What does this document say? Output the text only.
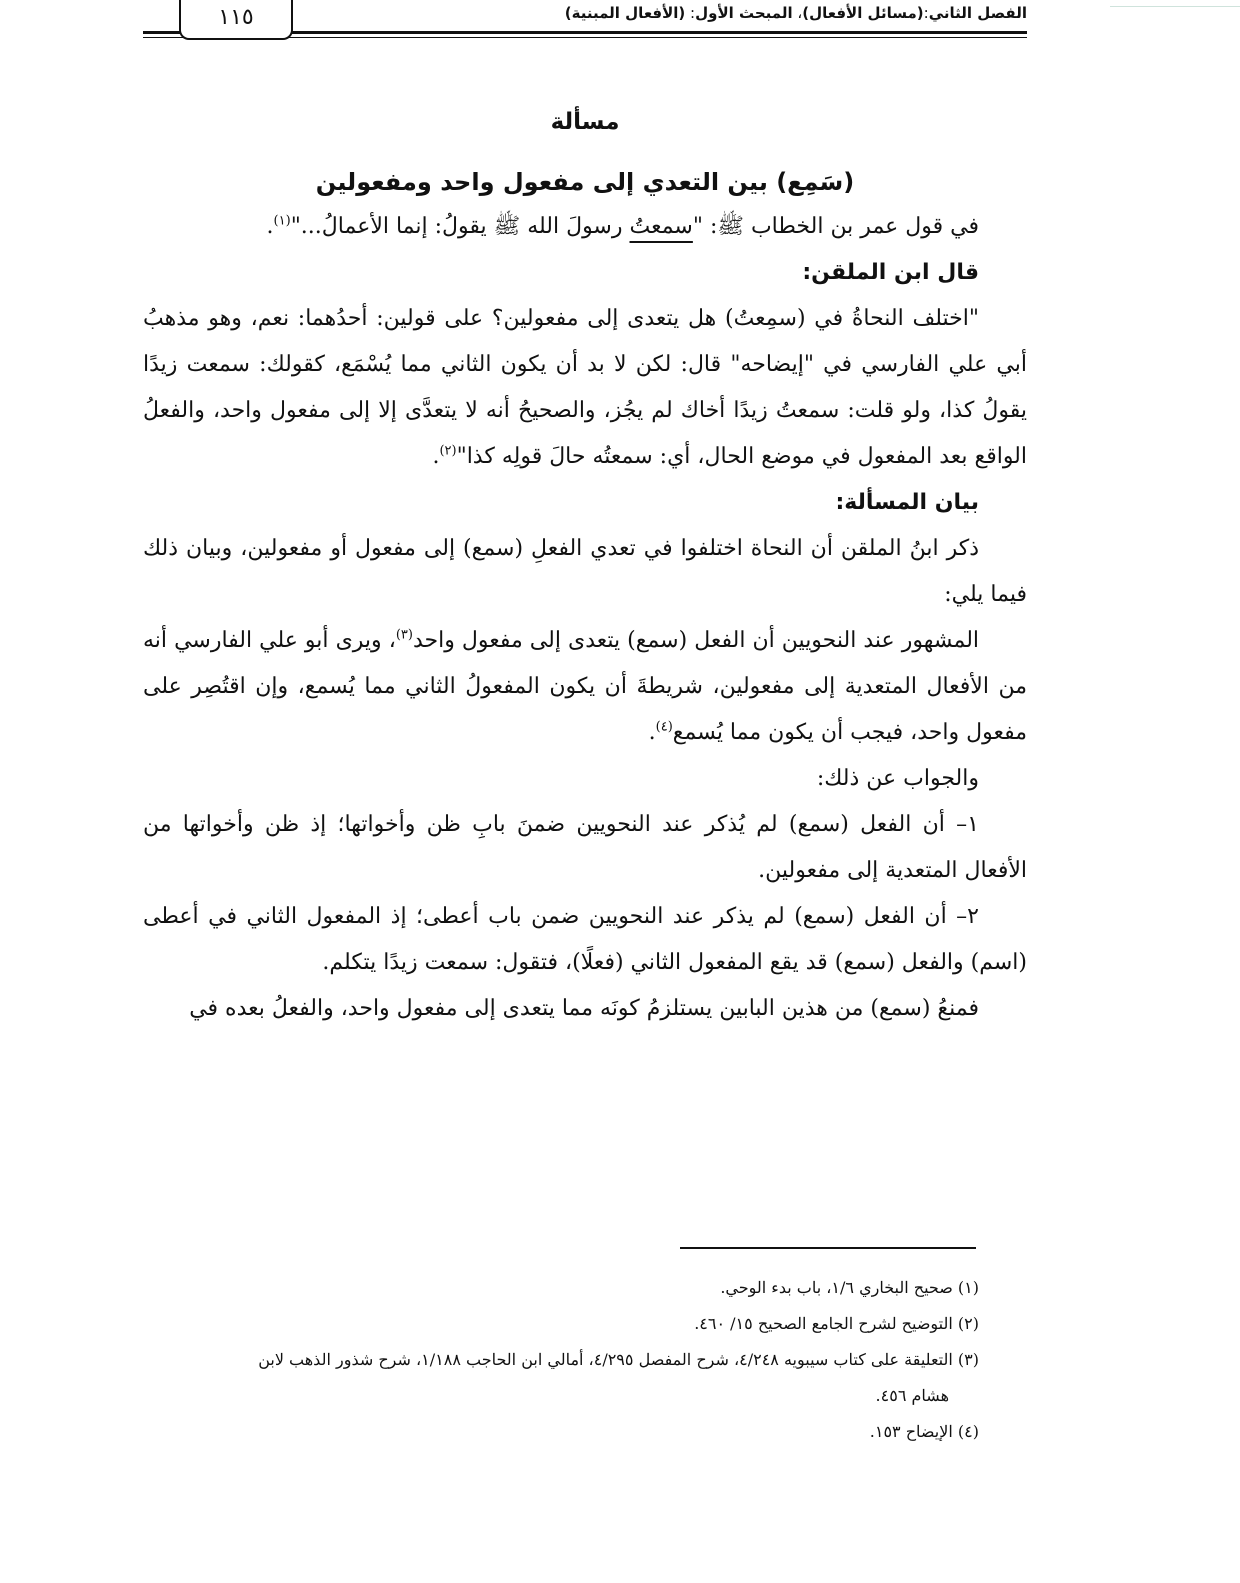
الفصل الثاني:(مسائل الأفعال)، المبحث الأول: (الأفعال المبنية)
١١٥
مسألة
(سَمِع) بين التعدي إلى مفعول واحد ومفعولين

في قول عمر بن الخطاب ﷺ: "سمعتُ رسولَ الله ﷺ يقولُ: إنما الأعمالُ..."$^{(١)}$.

قال ابن الملقن:

"اختلف النحاةُ في (سمِعتُ) هل يتعدى إلى مفعولين؟ على قولين: أحدُهما: نعم، وهو مذهبُ أبي علي الفارسي في "إيضاحه" قال: لكن لا بد أن يكون الثاني مما يُسْمَع، كقولك: سمعت زيدًا يقولُ كذا، ولو قلت: سمعتُ زيدًا أخاك لم يجُز، والصحيحُ أنه لا يتعدَّى إلا إلى مفعول واحد، والفعلُ الواقع بعد المفعول في موضع الحال، أي: سمعتُه حالَ قولِه كذا"$^{(٢)}$.

بيان المسألة:

ذكر ابنُ الملقن أن النحاة اختلفوا في تعدي الفعلِ (سمع) إلى مفعول أو مفعولين، وبيان ذلك فيما يلي:

المشهور عند النحويين أن الفعل (سمع) يتعدى إلى مفعول واحد$^{(٣)}$، ويرى أبو علي الفارسي أنه من الأفعال المتعدية إلى مفعولين، شريطةَ أن يكون المفعولُ الثاني مما يُسمع، وإن اقتُصِر على مفعول واحد، فيجب أن يكون مما يُسمع$^{(٤)}$.

والجواب عن ذلك:

١– أن الفعل (سمع) لم يُذكر عند النحويين ضمنَ بابِ ظن وأخواتها؛ إذ ظن وأخواتها من الأفعال المتعدية إلى مفعولين.

٢– أن الفعل (سمع) لم يذكر عند النحويين ضمن باب أعطى؛ إذ المفعول الثاني في أعطى (اسم) والفعل (سمع) قد يقع المفعول الثاني (فعلًا)، فتقول: سمعت زيدًا يتكلم.

فمنعُ (سمع) من هذين البابين يستلزمُ كونَه مما يتعدى إلى مفعول واحد، والفعلُ بعده في

(١) صحيح البخاري ١/٦، باب بدء الوحي.

(٢) التوضيح لشرح الجامع الصحيح ١٥/ ٤٦٠.

(٣) التعليقة على كتاب سيبويه ٤/٢٤٨، شرح المفصل ٤/٢٩٥، أمالي ابن الحاجب ١/١٨٨، شرح شذور الذهب لابن

هشام ٤٥٦.

(٤) الإيضاح ١٥٣.
